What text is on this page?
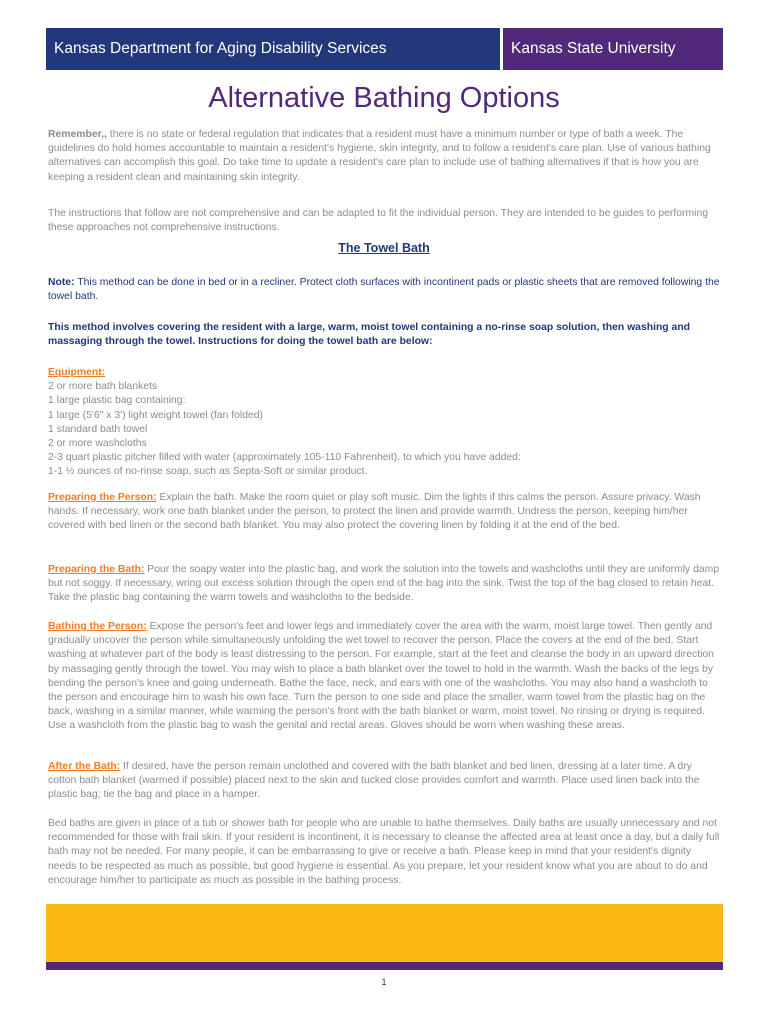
Kansas Department for Aging Disability Services	Kansas State University
Alternative Bathing Options
Remember,, there is no state or federal regulation that indicates that a resident must have a minimum number or type of bath a week. The guidelines do hold homes accountable to maintain a resident's hygiene, skin integrity, and to follow a resident's care plan. Use of various bathing alternatives can accomplish this goal. Do take time to update a resident's care plan to include use of bathing alternatives if that is how you are keeping a resident clean and maintaining skin integrity.
The instructions that follow are not comprehensive and can be adapted to fit the individual person. They are intended to be guides to performing these approaches not comprehensive instructions.
The Towel Bath
Note: This method can be done in bed or in a recliner. Protect cloth surfaces with incontinent pads or plastic sheets that are removed following the towel bath.
This method involves covering the resident with a large, warm, moist towel containing a no-rinse soap solution, then washing and massaging through the towel. Instructions for doing the towel bath are below:
Equipment:
2 or more bath blankets
1 large plastic bag containing:
1 large (5'6" x 3') light weight towel (fan folded)
1 standard bath towel
2 or more washcloths
2-3 quart plastic pitcher filled with water (approximately 105-110 Fahrenheit), to which you have added:
1-1 ½ ounces of no-rinse soap, such as Septa-Soft or similar product.
Preparing the Person: Explain the bath. Make the room quiet or play soft music. Dim the lights if this calms the person. Assure privacy. Wash hands. If necessary, work one bath blanket under the person, to protect the linen and provide warmth. Undress the person, keeping him/her covered with bed linen or the second bath blanket. You may also protect the covering linen by folding it at the end of the bed.
Preparing the Bath: Pour the soapy water into the plastic bag, and work the solution into the towels and washcloths until they are uniformly damp but not soggy. If necessary, wring out excess solution through the open end of the bag into the sink. Twist the top of the bag closed to retain heat. Take the plastic bag containing the warm towels and washcloths to the bedside.
Bathing the Person: Expose the person's feet and lower legs and immediately cover the area with the warm, moist large towel. Then gently and gradually uncover the person while simultaneously unfolding the wet towel to recover the person. Place the covers at the end of the bed. Start washing at whatever part of the body is least distressing to the person. For example, start at the feet and cleanse the body in an upward direction by massaging gently through the towel. You may wish to place a bath blanket over the towel to hold in the warmth. Wash the backs of the legs by bending the person's knee and going underneath. Bathe the face, neck, and ears with one of the washcloths. You may also hand a washcloth to the person and encourage him to wash his own face. Turn the person to one side and place the smaller, warm towel from the plastic bag on the back, washing in a similar manner, while warming the person's front with the bath blanket or warm, moist towel. No rinsing or drying is required. Use a washcloth from the plastic bag to wash the genital and rectal areas. Gloves should be worn when washing these areas.
After the Bath: If desired, have the person remain unclothed and covered with the bath blanket and bed linen, dressing at a later time. A dry cotton bath blanket (warmed if possible) placed next to the skin and tucked close provides comfort and warmth. Place used linen back into the plastic bag; tie the bag and place in a hamper.
Bed baths are given in place of a tub or shower bath for people who are unable to bathe themselves. Daily baths are usually unnecessary and not recommended for those with frail skin. If your resident is incontinent, it is necessary to cleanse the affected area at least once a day, but a daily full bath may not be needed. For many people, it can be embarrassing to give or receive a bath. Please keep in mind that your resident's dignity needs to be respected as much as possible, but good hygiene is essential. As you prepare, let your resident know what you are about to do and encourage him/her to participate as much as possible in the bathing process.
1
